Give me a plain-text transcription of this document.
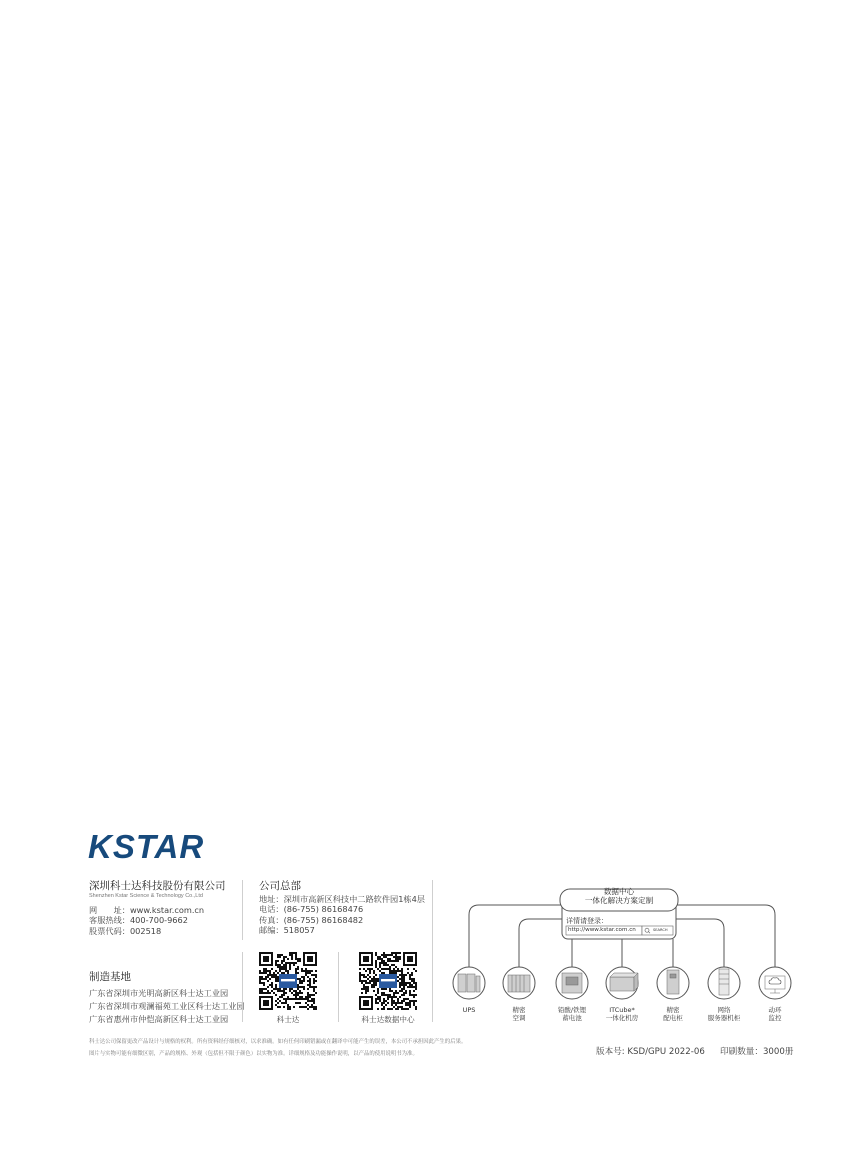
KSTAR
深圳科士达科技股份有限公司
Shenzhen Kstar Science & Technology Co.,Ltd
网　　址：www.kstar.com.cn
客服热线：400-700-9662
股票代码：002518
公司总部
地址：深圳市高新区科技中二路软件园1栋4层
电话：(86-755) 86168476
传真：(86-755) 86168482
邮编：518057
制造基地
广东省深圳市光明高新区科士达工业园
广东省深圳市观澜福苑工业区科士达工业园
广东省惠州市仲恺高新区科士达工业园	科士达	科士达数据中心
数据中心
一体化解决方案定制
详情请登录：
http://www.kstar.com.cn	SEARCH
UPS	精密
空调
铅酸/铁锂
蓄电池
ITCube*
一体化机房
精密
配电柜
网络
服务器机柜
动环
监控
科士达公司保留更改产品设计与规格的权利。所有资料经仔细核对，以求准确。如有任何印刷错漏或在翻译中可能产生的误差，本公司不承担因此产生的后果。
图片与实物可能有细微区别，产品的规格、外观（包括但不限于颜色）以实物为准。详细规格及功能操作说明，以产品的使用说明书为准。	版本号: KSD/GPU 2022-06 印刷数量：3000册
